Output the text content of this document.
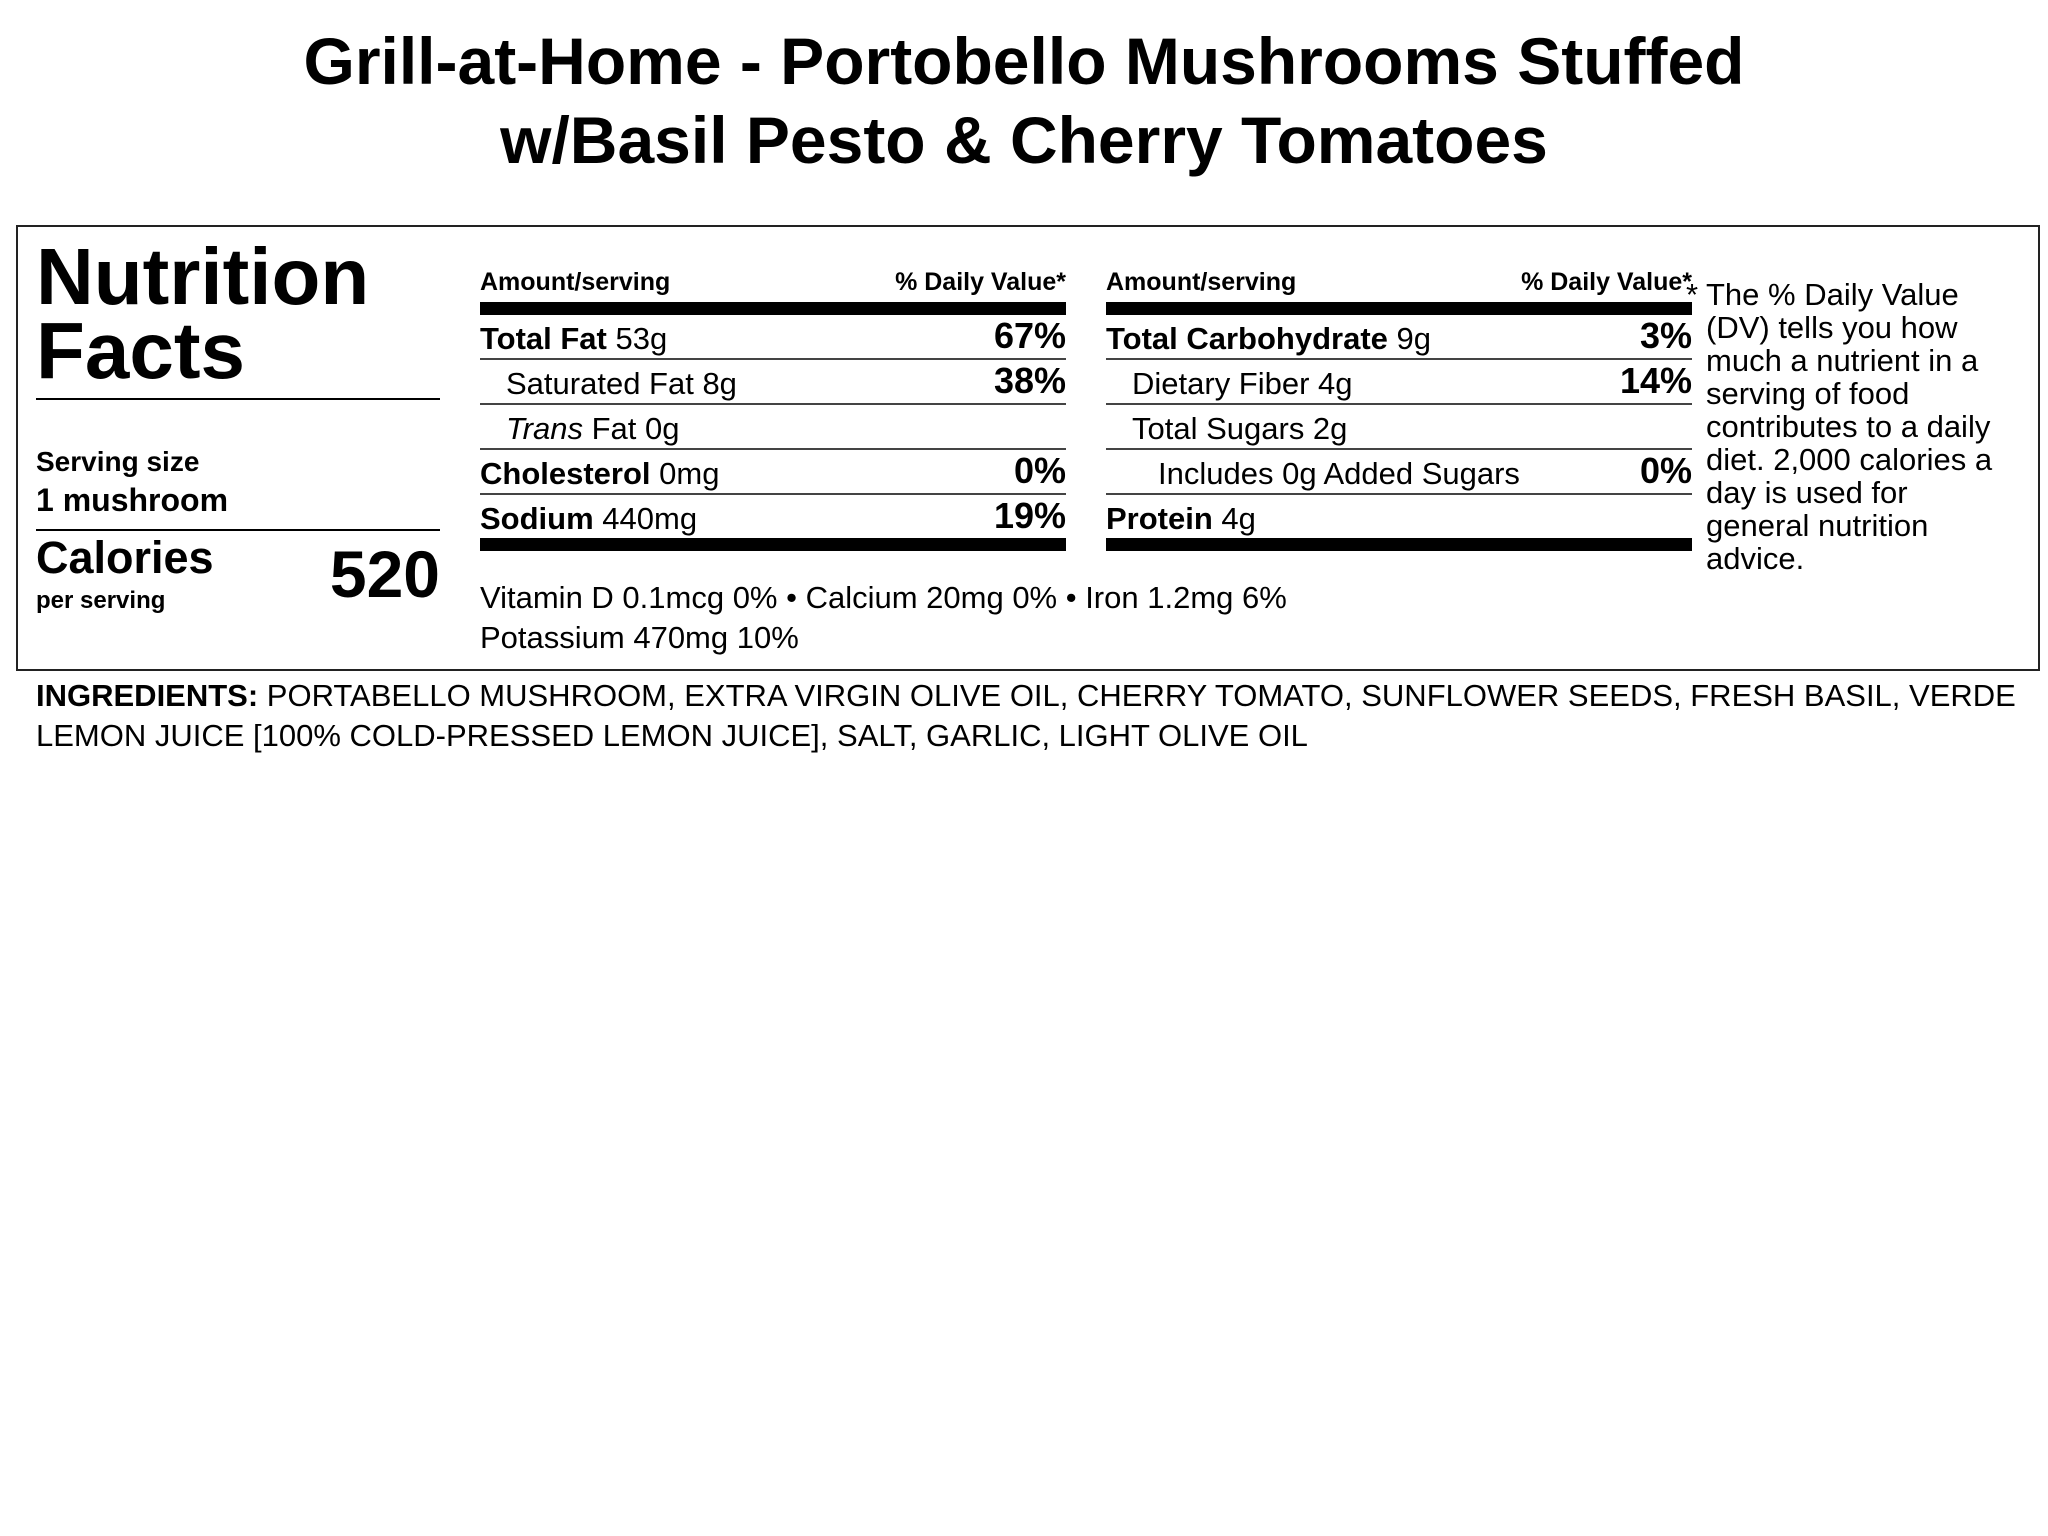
Grill-at-Home - Portobello Mushrooms Stuffed
w/Basil Pesto & Cherry Tomatoes
Nutrition
Facts
Serving size
1 mushroom
Calories
per serving 520
Amount/serving	% Daily Value*
Total Fat 53g	67%
Saturated Fat 8g	38%
Trans Fat 0g
Cholesterol 0mg	0%
Sodium 440mg	19%
Amount/serving	% Daily Value*
Total Carbohydrate 9g	3%
Dietary Fiber 4g	14%
Total Sugars 2g
Includes 0g Added Sugars	0%
Protein 4g
Vitamin D 0.1mcg 0% • Calcium 20mg 0% • Iron 1.2mg 6%
Potassium 470mg 10%
* The % Daily Value (DV) tells you how much a nutrient in a serving of food contributes to a daily diet. 2,000 calories a day is used for general nutrition advice.
INGREDIENTS: PORTABELLO MUSHROOM, EXTRA VIRGIN OLIVE OIL, CHERRY TOMATO, SUNFLOWER SEEDS, FRESH BASIL, VERDE LEMON JUICE [100% COLD-PRESSED LEMON JUICE], SALT, GARLIC, LIGHT OLIVE OIL
